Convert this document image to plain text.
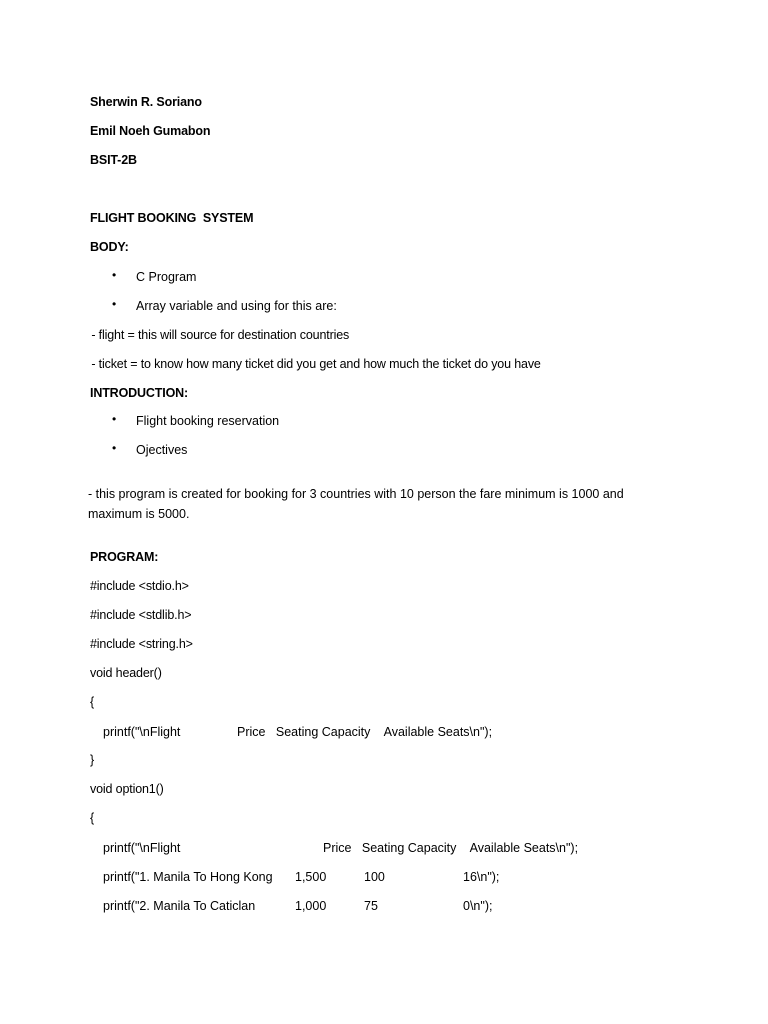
Sherwin R. Soriano

Emil Noeh Gumabon

BSIT-2B

FLIGHT BOOKING  SYSTEM

BODY:

• C Program
• Array variable and using for this are:

- flight = this will source for destination countries

- ticket = to know how many ticket did you get and how much the ticket do you have

INTRODUCTION:

• Flight booking reservation
• Ojectives

- this program is created for booking for 3 countries with 10 person the fare minimum is 1000 and maximum is 5000.

PROGRAM:

#include <stdio.h>

#include <stdlib.h>

#include <string.h>

void header()

{

printf("\nFlight	Price   Seating Capacity    Available Seats\n");

}

void option1()

{

printf("\nFlight	Price   Seating Capacity    Available Seats\n");
printf("1. Manila To Hong Kong 1,500	100	16\n");
printf("2. Manila To Caticlan	1,000	75	0\n");
